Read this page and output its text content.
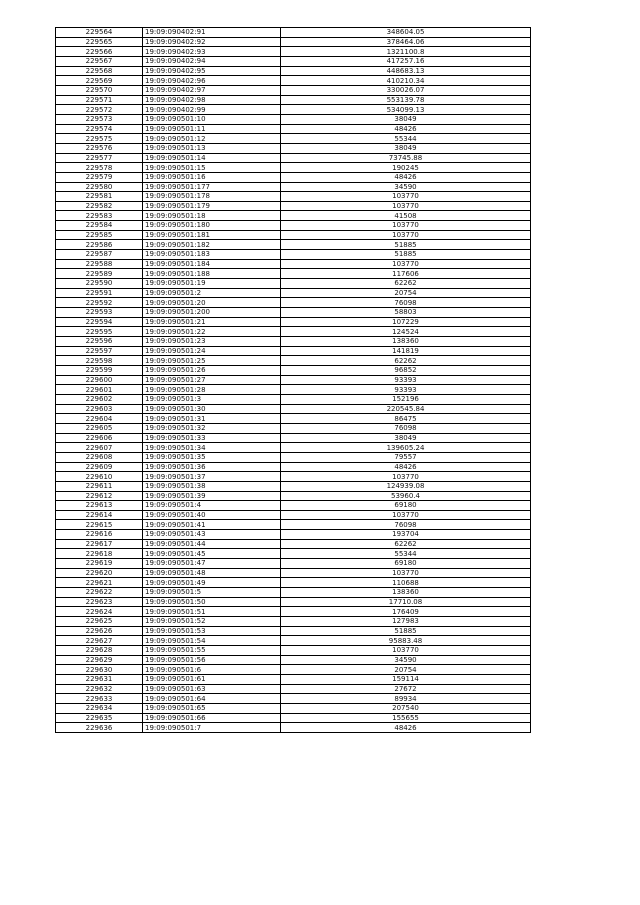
229564	19:09:090402:91	348604.05
229565	19:09:090402:92	378464.06
229566	19:09:090402:93	1321100.8
229567	19:09:090402:94	417257.16
229568	19:09:090402:95	448683.13
229569	19:09:090402:96	410210.34
229570	19:09:090402:97	330026.07
229571	19:09:090402:98	553139.78
229572	19:09:090402:99	534099.13
229573	19:09:090501:10	38049
229574	19:09:090501:11	48426
229575	19:09:090501:12	55344
229576	19:09:090501:13	38049
229577	19:09:090501:14	73745.88
229578	19:09:090501:15	190245
229579	19:09:090501:16	48426
229580	19:09:090501:177	34590
229581	19:09:090501:178	103770
229582	19:09:090501:179	103770
229583	19:09:090501:18	41508
229584	19:09:090501:180	103770
229585	19:09:090501:181	103770
229586	19:09:090501:182	51885
229587	19:09:090501:183	51885
229588	19:09:090501:184	103770
229589	19:09:090501:188	117606
229590	19:09:090501:19	62262
229591	19:09:090501:2	20754
229592	19:09:090501:20	76098
229593	19:09:090501:200	58803
229594	19:09:090501:21	107229
229595	19:09:090501:22	124524
229596	19:09:090501:23	138360
229597	19:09:090501:24	141819
229598	19:09:090501:25	62262
229599	19:09:090501:26	96852
229600	19:09:090501:27	93393
229601	19:09:090501:28	93393
229602	19:09:090501:3	152196
229603	19:09:090501:30	220545.84
229604	19:09:090501:31	86475
229605	19:09:090501:32	76098
229606	19:09:090501:33	38049
229607	19:09:090501:34	139605.24
229608	19:09:090501:35	79557
229609	19:09:090501:36	48426
229610	19:09:090501:37	103770
229611	19:09:090501:38	124939.08
229612	19:09:090501:39	53960.4
229613	19:09:090501:4	69180
229614	19:09:090501:40	103770
229615	19:09:090501:41	76098
229616	19:09:090501:43	193704
229617	19:09:090501:44	62262
229618	19:09:090501:45	55344
229619	19:09:090501:47	69180
229620	19:09:090501:48	103770
229621	19:09:090501:49	110688
229622	19:09:090501:5	138360
229623	19:09:090501:50	17710.08
229624	19:09:090501:51	176409
229625	19:09:090501:52	127983
229626	19:09:090501:53	51885
229627	19:09:090501:54	95883.48
229628	19:09:090501:55	103770
229629	19:09:090501:56	34590
229630	19:09:090501:6	20754
229631	19:09:090501:61	159114
229632	19:09:090501:63	27672
229633	19:09:090501:64	89934
229634	19:09:090501:65	207540
229635	19:09:090501:66	155655
229636	19:09:090501:7	48426
